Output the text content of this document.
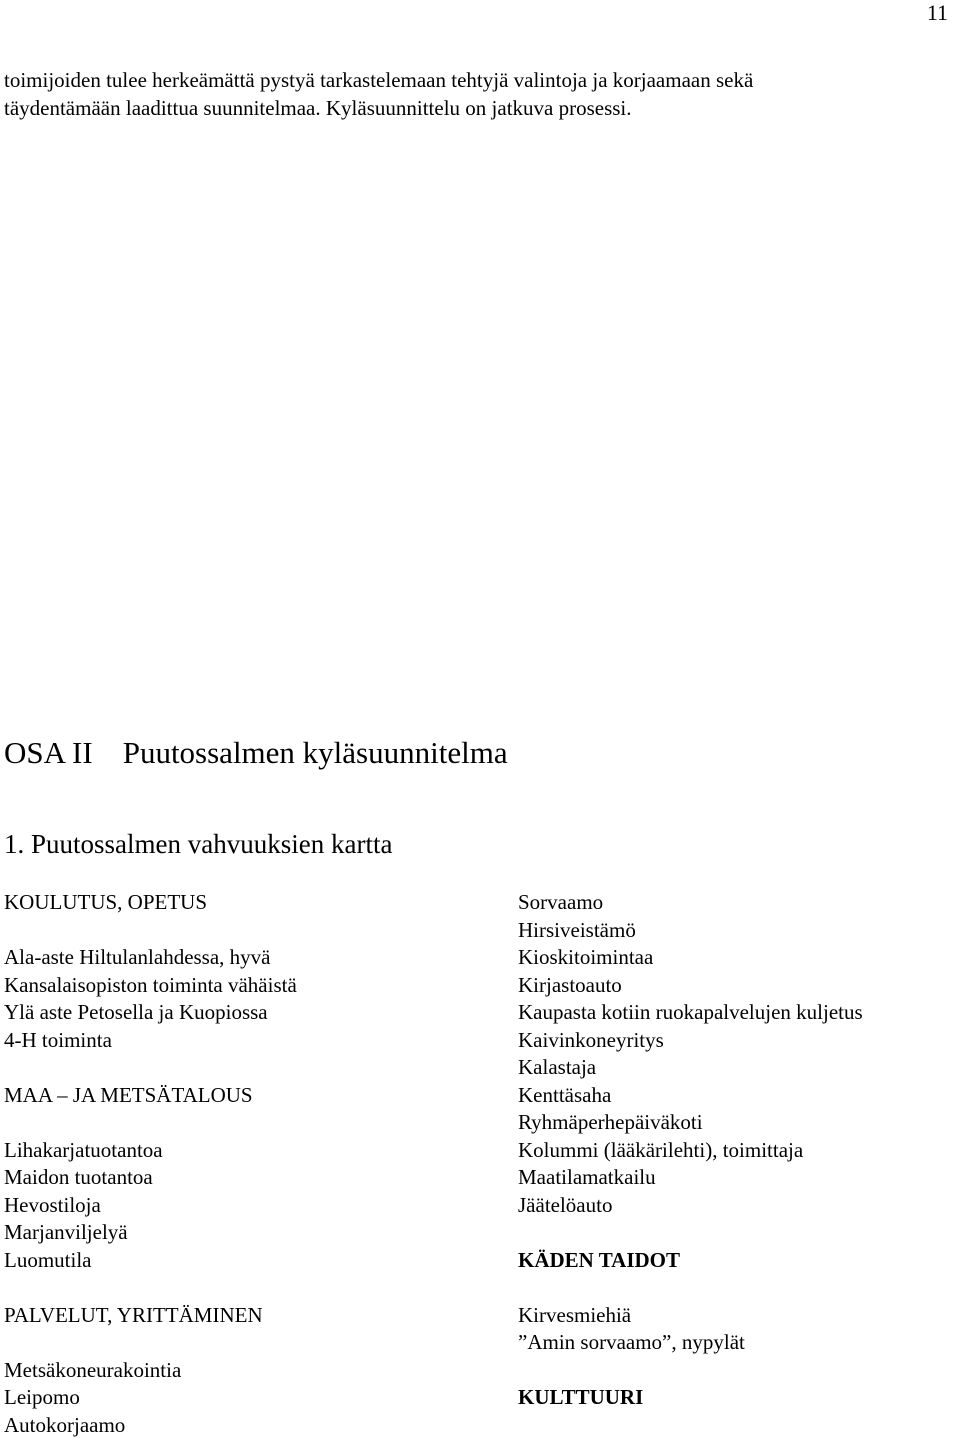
11

toimijoiden tulee herkeämättä pystyä tarkastelemaan tehtyjä valintoja ja korjaamaan sekä

täydentämään laadittua suunnitelmaa. Kyläsuunnittelu on jatkuva prosessi.

OSA II Puutossalmen kyläsuunnitelma
1. Puutossalmen vahvuuksien kartta
KOULUTUS, OPETUS
Ala-aste Hiltulanlahdessa, hyvä
Kansalaisopiston toiminta vähäistä
Ylä aste Petosella ja Kuopiossa
4-H toiminta
MAA – JA METSÄTALOUS
Lihakarjatuotantoa
Maidon tuotantoa
Hevostiloja
Marjanviljelyä
Luomutila
PALVELUT, YRITTÄMINEN
Metsäkoneurakointia
Leipomo
Autokorjaamo
Sorvaamo
Hirsiveistämö
Kioskitoimintaa
Kirjastoauto
Kaupasta kotiin ruokapalvelujen kuljetus
Kaivinkoneyritys
Kalastaja
Kenttäsaha
Ryhmäperhepäiväkoti
Kolummi (lääkärilehti), toimittaja
Maatilamatkailu
Jäätelöauto
KÄDEN TAIDOT
Kirvesmiehiä
”Amin sorvaamo”, nypylät
KULTTUURI
